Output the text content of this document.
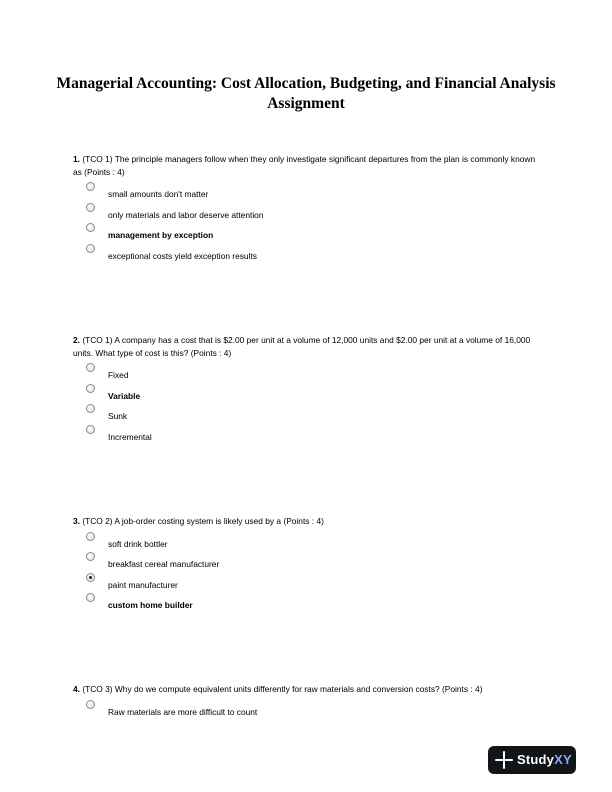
Managerial Accounting: Cost Allocation, Budgeting, and Financial Analysis
Assignment

1. (TCO 1) The principle managers follow when they only investigate significant departures from the plan is commonly known as (Points : 4)

small amounts don't matter
only materials and labor deserve attention
management by exception
exceptional costs yield exception results

2. (TCO 1) A company has a cost that is $2.00 per unit at a volume of 12,000 units and $2.00 per unit at a volume of 16,000 units. What type of cost is this? (Points : 4)

Fixed
Variable
Sunk
Incremental

3. (TCO 2) A job-order costing system is likely used by a (Points : 4)

soft drink bottler
breakfast cereal manufacturer
paint manufacturer
custom home builder

4. (TCO 3) Why do we compute equivalent units differently for raw materials and conversion costs? (Points : 4)

Raw materials are more difficult to count
StudyXY
